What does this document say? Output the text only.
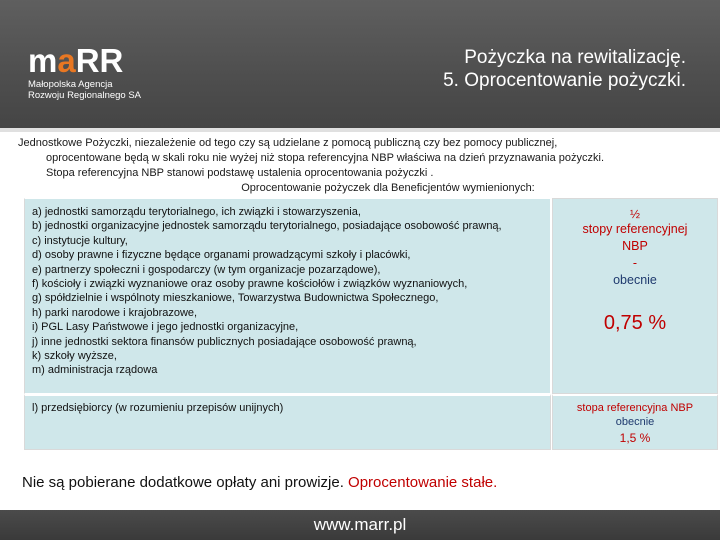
maRR
Małopolska Agencja
Rozwoju Regionalnego SA
Pożyczka na rewitalizację.
5. Oprocentowanie pożyczki.
Jednostkowe Pożyczki, niezależenie od tego czy są udzielane z pomocą publiczną czy bez pomocy publicznej,
oprocentowane będą w skali roku nie wyżej niż stopa referencyjna NBP właściwa na dzień przyznawania pożyczki.
Stopa referencyjna NBP stanowi podstawę ustalenia oprocentowania pożyczki .
Oprocentowanie pożyczek dla Beneficjentów wymienionych:
a) jednostki samorządu terytorialnego, ich związki i stowarzyszenia,
b) jednostki organizacyjne jednostek samorządu terytorialnego, posiadające osobowość prawną,
c) instytucje kultury,
d) osoby prawne i fizyczne będące organami prowadzącymi szkoły i placówki,
e) partnerzy społeczni i gospodarczy (w tym organizacje pozarządowe),
f) kościoły i związki wyznaniowe oraz osoby prawne kościołów i związków wyznaniowych,
g) spółdzielnie i wspólnoty mieszkaniowe, Towarzystwa Budownictwa Społecznego,
h) parki narodowe i krajobrazowe,
i) PGL Lasy Państwowe i jego jednostki organizacyjne,
j) inne jednostki sektora finansów publicznych posiadające osobowość prawną,
k) szkoły wyższe,
m) administracja rządowa
½
stopy referencyjnej
NBP
-
obecnie
0,75 %
l) przedsiębiorcy (w rozumieniu przepisów unijnych)	stopa referencyjna NBP
obecnie
1,5 %
Nie są pobierane dodatkowe opłaty ani prowizje. Oprocentowanie stałe.
www.marr.pl
